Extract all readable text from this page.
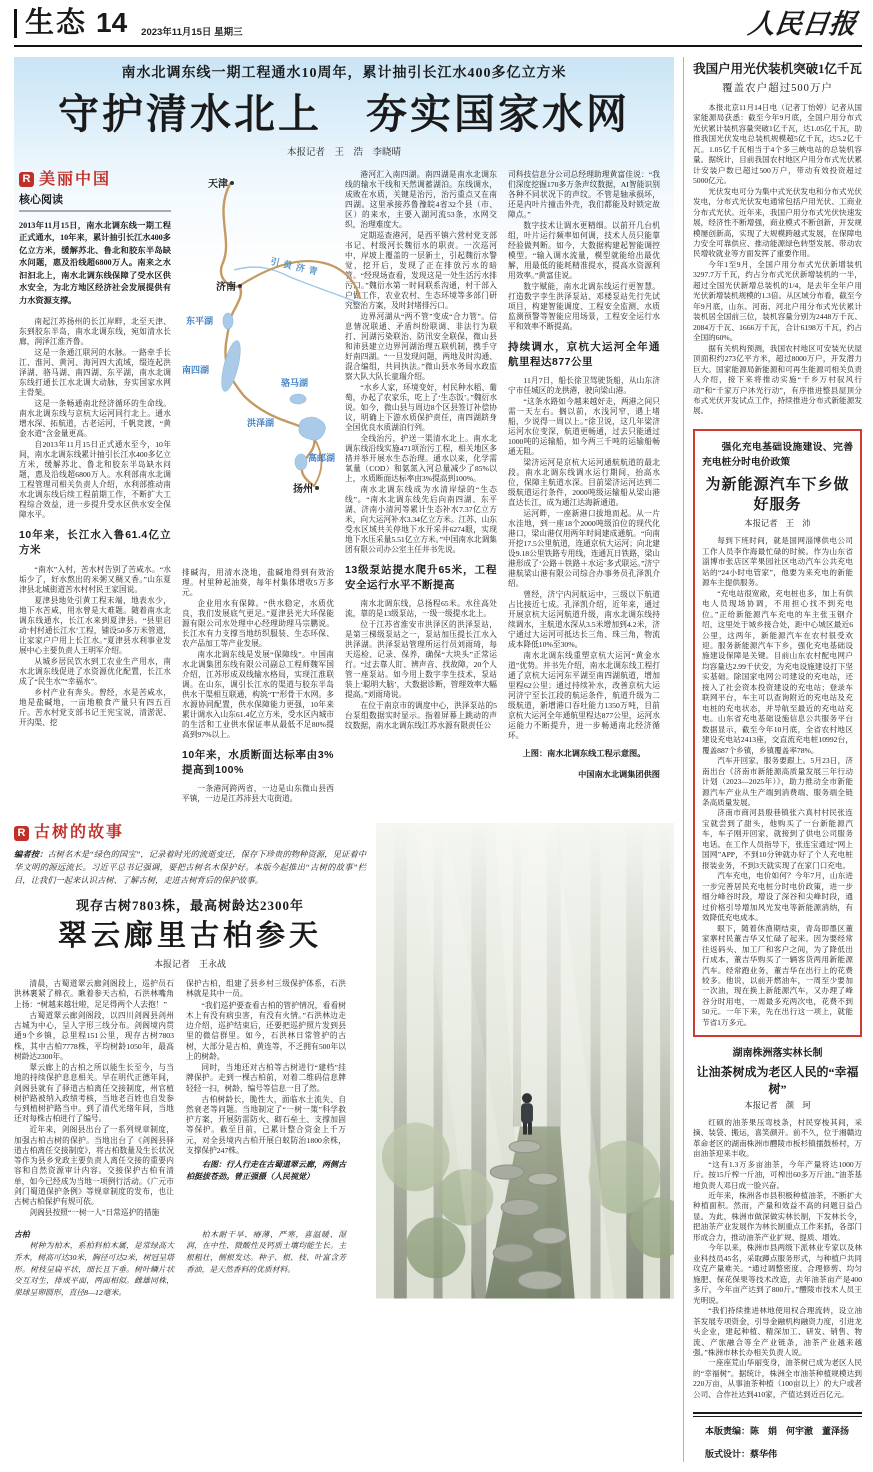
生态 14 2023年11月15日 星期三	人民日报
南水北调东线一期工程通水10周年，累计抽引长江水400多亿立方米
守护清水北上　夯实国家水网
本报记者　王　浩　李晓晴
R 美丽中国
核心阅读

2013年11月15日，南水北调东线一期工程正式通水，10年来，累计抽引长江水400多亿立方米，缓解苏北、鲁北和胶东半岛缺水问题，惠及沿线超6800万人。南来之水汩汩北上，南水北调东线保障了受水区供水安全，为北方地区经济社会发展提供有力水资源支撑。

南起江苏扬州的长江岸畔，北至天津、东到胶东半岛，南水北调东线，宛如清水长廊，润泽江淮齐鲁。

这是一条通江联河的水脉。一路牵手长江、淮河、黄河、海河四大流域，缀连起洪泽湖、骆马湖、南四湖、东平湖，南水北调东线打通长江水北调大动脉，夯实国家水网主骨架。

这是一条畅通南北经济循环的生命线。南水北调东线与京杭大运河同行北上。通水增水深、拓航道，古老运河，千帆竞渡，“黄金水道”含金量更高。

自2013年11月15日正式通水至今，10年间，南水北调东线累计抽引长江水400多亿立方米，缓解苏北、鲁北和胶东半岛缺水问题，惠及沿线超6800万人。水利部南水北调工程管理司相关负责人介绍，水利部推动南水北调东线后续工程前期工作，不断扩大工程综合效益，进一步提升受水区供水安全保障水平。

10年来，长江水入鲁61.4亿立方米

“南水”入村，苦水村告别了苦咸水。“水垢少了，好水熬出的米粥又稠又香。”山东夏津县北城街道苦水村村民王家国说。

夏津县地处引黄工程末端，地表水少，地下水苦咸，用水曾是大难题。随着南水北调东线通水，长江水来到夏津县。“县里启动‘村村通长江水’工程，铺设50多万米管道，让家家户户用上长江水。”夏津县水利事业发展中心主要负责人王明军介绍。

从城乡居民饮水到工农业生产用水，南水北调东线促进了水资源优化配置，长江水成了“民生水”“幸福水”。

乡村产业有奔头。曾经，水是苦咸水，地是盐碱地，一亩地粮食产量只有四五百斤。苦水村党支部书记王宪宝说，清淤泥、开沟渠、挖

天津
济南
扬州
东平湖
南四湖
骆马湖
洪泽湖
高邮湖
引黄济青

排碱沟，用清水浇地，盐碱地得到有效治理。村里种起油葵，每年村集体增收5万多元。

企业用水有保障。“供水稳定，水质优良，我们发展底气更足。”夏津县光大环保能源有限公司水处理中心经理助理马宗鹏说。长江水有力支撑当地纺织服装、生态环保、农产品加工等产业发展。

南水北调东线是发展“保障线”。中国南水北调集团东线有限公司副总工程师魏军国介绍，江苏形成双线输水格局，实现江淮联调。在山东，调引长江水的渠道与胶东半岛供水干渠相互联通，构筑“T”形骨干水网。多水源协同配置，供水保障能力更强，10年来累计调水入山东61.4亿立方米，受水区内城市的生活和工业供水保证率从最低不足80%提高到97%以上。

10年来，水质断面达标率由3%提高到100%

一条港河跨两省，一边是山东微山县西平镇，一边是江苏沛县大屯街道。

港河汇入南四湖。南四湖是南水北调东线的输水干线和天然调蓄湖泊。东线调水，成败在水质，关键是治污，治污重点又在南四湖。这里承接苏鲁豫皖4省32个县（市、区）的来水，主要入湖河流53条，水网交织，治理难度大。

定期巡查港河，是西平镇六营村党支部书记、村级河长魏衍水的职责。一次巡河中，岸坡上覆盖的一层新土，引起魏衍水警觉，挖开后，发现了正在排放污水的暗管。“经现场查看，发现这是一处生活污水排污口。”魏衍水第一时间联系沟通，村干部入户做工作，农业农村、生态环境等多部门研究整治方案，及时封堵排污口。

边界河湖从“两不管”变成“合力管”。信息情况联通、矛盾纠纷联调、非法行为联打、河湖污染联治、防汛安全联保，微山县和沛县建立边界河湖治理五联机制，携手守好南四湖。“一旦发现问题，两地及时沟通、混合编组，共同执法。”微山县水务局水政监察大队大队长童瑞介绍。

“水乡人家，环境变好，村民种水稻、葡萄，办起了农家乐，吃上了‘生态饭’。”魏衍水说。如今，微山县与周边8个区县签订补偿协议，明确上下游水质保护责任，南四湖跻身全国优良水质湖泊行列。

全线治污，护送一渠清水北上。南水北调东线沿线实施471项治污工程，相关地区多措并举开展水生态治理。通水以来，化学需氧量（COD）和氨氮入河总量减少了85%以上，水质断面达标率由3%提高到100%。

南水北调东线成为水清岸绿的“生态线”。“南水北调东线先后向南四湖、东平湖、济南小清河等累计生态补水7.37亿立方米，向大运河补水3.34亿立方米。江苏、山东受水区域共关停地下水开采井6274眼，实现地下水压采量5.51亿立方米。”中国南水北调集团有限公司办公室主任井书先说。

13级泵站提水爬升65米，工程安全运行水平不断提高

南水北调东线，总扬程65米。水往高处流，靠的是13级泵站，一级一级提水北上。

位于江苏省淮安市洪泽区的洪泽泵站，是第三梯级泵站之一，泵站加压提长江水入洪泽湖。洪泽泵站管理所运行员刘雨琦，每天巡检、记录、保养，确保“大块头”正常运行。“过去靠人盯、辨声音、找故障，20个人管一座泵站。如今用上数字孪生技术，泵站装上‘聪明大脑’，大数据诊断，管理效率大幅提高。”刘雨琦说。

在位于南京市的调度中心，洪泽泵站的5台泵组数据实时显示。指着屏幕上跳动的声纹数据，南水北调东线江苏水源有限责任公

司科技信息分公司总经理助理黄富佳说：“我们深度挖掘170多万条声纹数据，AI智能识别各种不同状况下的声纹。不管是轴承损坏，还是内叶片撞击外壳，我们都能及时锁定故障点。”

数字技术让调水更精细。以前开几台机组，叶片运行频率如何调，技术人员只能靠经验做判断。如今，大数据构建起智能调控模型。“输入调水流量，模型就能给出最优解，用最低的能耗精准提水，提高水资源利用效率。”黄富佳说。

数字赋能，南水北调东线运行更智慧。打造数字孪生洪泽泵站、邓楼泵站先行先试项目，构建智能调度、工程安全监测、水质监测预警等智能应用场景，工程安全运行水平和效率不断提高。

持续调水，京杭大运河全年通航里程达877公里

11月7日，船长徐卫驾驶货船，从山东济宁市任城区的龙拱港，驶向梁山港。

“这条水路如今越来越好走，两港之间只需一天左右。搁以前，水浅河窄，遇上堵船，少说得一周以上。”徐卫说，这几年梁济运河水位变深，航道更畅通，过去只能通过1000吨的运输船，如今两三千吨的运输船畅通无阻。

梁济运河是京杭大运河通航航道的最北段。南水北调东线调水运行期间，抬高水位，保障主航道水深。目前梁济运河达到二级航道运行条件，2000吨级运输船从梁山港直达长江，成为通江达海新通道。

运河畔，一座新港口拔地而起。从一片水洼地，到一座18个2000吨级泊位的现代化港口，梁山港仅用两年时间建成通航。“向南开挖17.5公里航道，连通京杭大运河；向北建设9.18公里铁路专用线，连通瓦日铁路，梁山港形成了‘公路＋铁路＋水运’多式联运。”济宁港航梁山港有限公司综合办事务员孔泽凯介绍。

曾经，济宁内河航运中，三级以下航道占比接近七成。孔泽凯介绍，近年来，通过开展京杭大运河航道升级，南水北调东线持续调水，主航道水深从3.5米增加到4.2米，济宁通过大运河可抵达长三角、珠三角，物流成本降低10%至30%。

南水北调东线重塑京杭大运河“黄金水道”优势。井书先介绍，南水北调东线工程打通了京杭大运河东平湖至南四湖航道，增加里程62公里；通过持续补水，改善京杭大运河济宁至长江段的航运条件，航道升级为二级航道，新增港口吞吐能力1350万吨，目前京杭大运河全年通航里程达877公里，运河水运能力不断提升，进一步畅通南北经济循环。

上图：南水北调东线工程示意图。

中国南水北调集团供图

R 古树的故事

编者按：古树名木是“绿色的国宝”，记录着时光的流逝变迁，保存下珍贵的物种资源，见证着中华文明的源远流长。习近平总书记强调，要把古树名木保护好。本版今起推出“古树的故事”栏目，让我们一起来认识古树、了解古树，走进古树背后的保护故事。

现存古树7803株，最高树龄达2300年
翠云廊里古柏参天
本报记者　王永战

清晨，古蜀道翠云廊剑阁段上，巡护员石洪林裹紧了棉衣。瞅着参天古柏，石洪林嘴角上扬：“树越来越壮啦，足足得两个人去抱！”

古蜀道翠云廊剑阁段，以四川剑阁县剑州古城为中心，呈人字形三线分布。剑阁境内贯通9个乡镇，总里程151公里，现存古树7803株，其中古柏7778株，平均树龄1050年，最高树龄达2300年。

翠云廊上的古柏之所以能生长至今，与当地的持续保护息息相关。早在明代正德年间，剑阁县就有了驿道古柏离任交接制度，州官植树护路被纳入政绩考核，当地老百姓也自发参与到植树护路当中。到了清代光绪年间，当地还对每株古柏进行了编号。

近年来，剑阁县出台了一系列规章制度，加强古柏古树的保护。当地出台了《剑阁县驿道古柏离任交接制度》，将古柏数量及生长状况等作为县乡党政主要负责人离任交接的重要内容和自然资源审计内容。交接保护古柏有清单，如今已经成为当地一项例行活动。《广元市剑门蜀道保护条例》等规章制度的发布，也让古树古柏保护有规可依。

剑阁县按照“一树一人”日常巡护的措施

保护古柏，组建了县乡村三级保护体系，石洪林就是其中一员。

“我们巡护要查看古柏的管护情况，看看树木上有没有病虫害，有没有火情。”石洪林边走边介绍，巡护结束后，还要把巡护照片发到县里的微信群里。如今，石洪林日常管护的古树，大部分是古柏、黄连等，不乏拥有500年以上的树龄。

同时，当地还对古柏等古树进行“建档”挂牌保护。走到一棵古柏前，对着二维码信息牌轻轻一扫，树龄、编号等信息一目了然。

古柏树龄长，脆性大，面临水土流失、自然衰老等问题。当地制定了“一树一策”科学救护方案，开展防雷防火、砌石垒土、支撑加固等保护。截至目前，已累计整合资金上千万元，对全县境内古柏开展白蚁防治1800余株，支撑保护247株。

右图：行人行走在古蜀道翠云廊，两侧古柏挺拔苍劲。曾正强摄（人民视觉）

古柏

树种为柏木，系柏科柏木属，是常绿高大乔木，树高可达30米，胸径可达2米，树冠呈塔形。树枝呈扁平状，细长且下垂。树叶鳞片状交互对生，排成平面，两面相似。雌雄同株，果球呈卵圆形，直径8—12毫米。

柏木耐干旱、瘠薄、严寒，喜温暖、湿润，在中性、微酸性及钙质土壤均能生长。主根粗壮，侧根发达。种子、根、枝、叶富含芳香油，是天然香料的优质材料。

我国户用光伏装机突破1亿千瓦
覆盖农户超过500万户

本报北京11月14日电（记者丁怡婷）记者从国家能源局获悉：截至今年9月底，全国户用分布式光伏累计装机容量突破1亿千瓦，达1.05亿千瓦，助推我国光伏发电总装机规模超5亿千瓦，达5.2亿千瓦。1.05亿千瓦相当于4个多三峡电站的总装机容量。据统计，目前我国农村地区户用分布式光伏累计安装户数已超过500万户，带动有效投资超过5000亿元。

光伏发电可分为集中式光伏发电和分布式光伏发电，分布式光伏发电通常包括户用光伏、工商业分布式光伏。近年来，我国户用分布式光伏快速发展，经济性不断增强，商业模式不断创新，开发规模屡创新高，实现了大规模跨越式发展，在保障电力安全可靠供应、推动能源绿色转型发展、带动农民增收就业等方面发挥了重要作用。

今年1至9月，全国户用分布式光伏新增装机3297.7万千瓦，约占分布式光伏新增装机的一半，超过全国光伏新增总装机的1/4，是去年全年户用光伏新增装机规模的1.3倍。从区域分布看，截至今年9月底，山东、河南、河北户用分布式光伏累计装机居全国前三位，装机容量分别为2448万千瓦、2084万千瓦、1666万千瓦，合计6198万千瓦，约占全国的60%。

据有关机构预测，我国农村地区可安装光伏屋顶面积约273亿平方米，超过8000万户，开发潜力巨大。国家能源局新能源和可再生能源司相关负责人介绍，接下来将推动实施“千乡万村驭风行动”和“千家万户沐光行动”，有序推进整县屋顶分布式光伏开发试点工作，持续推进分布式新能源发展。

强化充电基础设施建设、完善充电桩分时电价政策

为新能源汽车下乡做好服务
本报记者　王　沛

每到下班时间，就是国网淄博供电公司工作人员李作海最忙碌的时候。作为山东省淄博市张店区苹果园社区电动汽车公共充电站的“24小时电管家”，他要为来充电的新能源车主提供服务。

“充电站很宽敞，充电桩也多，加上有供电人员现场协调，不用担心找不到充电位。”正给新能源汽车充电的车主张玉钢介绍，这里处于城乡接合处，距中心城区最近6公里，这两年，新能源汽车在农村很受欢迎。服务新能源汽车下乡，强化充电基础设施建设保障是关键。目前山东农村配电网户均容量达2.99千伏安，为充电设施建设打下坚实基础。除国家电网公司建设的充电站，还接入了社会资本投资建设的充电站；登录车联网平台，车主可以查询附近的充电站及充电桩的充电状态，并导航至最近的充电站充电。山东省充电基础设施信息公共服务平台数据显示，截至今年10月底，全省农村地区建设充电站2413座，交直流充电桩10992台，覆盖887个乡镇，乡镇覆盖率78%。

汽车开回家，服务要跟上。5月23日，济南出台《济南市新能源高质量发展三年行动计划（2023—2025年）》，助力推动全市新能源汽车产业从生产端到消费端、服务端全链条高质量发展。

济南市商河县殷巷镇张六真村村民张连宝就尝到了甜头，他购买了一台新能源汽车，车子刚开回家，就接到了供电公司服务电话。在工作人员指导下，张连宝通过“网上国网”APP，不到10分钟就办好了个人充电桩报装业务，不到3天就实现了在家门口充电。

汽车充电，电价如何？今年7月，山东进一步完善居民充电桩分时电价政策，进一步细分峰谷时段，增设了深谷和尖峰时段，通过价格引导增加风光发电等新能源消纳，有效降低充电成本。

眼下，随着休渔期结束，青岛即墨区董家寨村民董吉华又忙碌了起来。因为要经常往返码头、加工厂和客户之间，为了降低出行成本，董吉华购买了一辆客货两用新能源汽车。经常跑业务，董吉华在出行上的花费较多。他说，以前开燃油车，一周至少要加一次油，现在换上新能源汽车，又办理了峰谷分时用电，一周最多充两次电，花费不到50元。一年下来，先在出行这一项上，就能节省1万多元。

湖南株洲落实林长制
让油茶树成为老区人民的“幸福树”
本报记者　颜　珂

红硕的油茶果压弯枝条，村民穿梭其间，采摘、装袋、搬运，喜笑颜开。前不久，位于湘赣边革命老区的湖南株洲市醴陵市板杉镇擂鼓桥村，万亩油茶迎来丰收。

“这有1.3万多亩油茶，今年产量将达1000万斤。按15斤榨一斤油，可榨出60多万斤油。”油茶基地负责人邓日成一脸兴奋。

近年来，株洲各市县积极种植油茶，不断扩大种植面积。然而，产量和效益不高的问题日益凸显。为此，株洲市做深做实林长制，下发林长令，把油茶产业发展作为林长制重点工作来抓，各部门形成合力，推动油茶产业扩规、提质、增效。

今年以来，株洲市县两级下派林业专家以及林业科技员45名，采取蹲点服务形式，与种植户共同攻克产量难关。“通过调整密度、合理修剪、均匀施肥、保花保果等技术改造，去年油茶亩产是400多斤，今年亩产达到了800斤。”醴陵市技术人员王光明说。

“我们持续推进林地使用权合理流转，设立油茶发展专项资金，引导金融机构融资力度，引进龙头企业，建起种植、精深加工、研发、销售、物流、产旅融合等全产业链条，油茶产业越来越强。”株洲市林长办相关负责人说。

一座座荒山华丽变身，油茶树已成为老区人民的“幸福树”。据统计，株洲全市油茶种植规模达到220万亩，从事油茶种植（100亩以上）的大户或者公司、合作社达到410家，产值达到近百亿元。

本版责编：陈　娟　何宇澈　董泽扬
版式设计：蔡华伟
